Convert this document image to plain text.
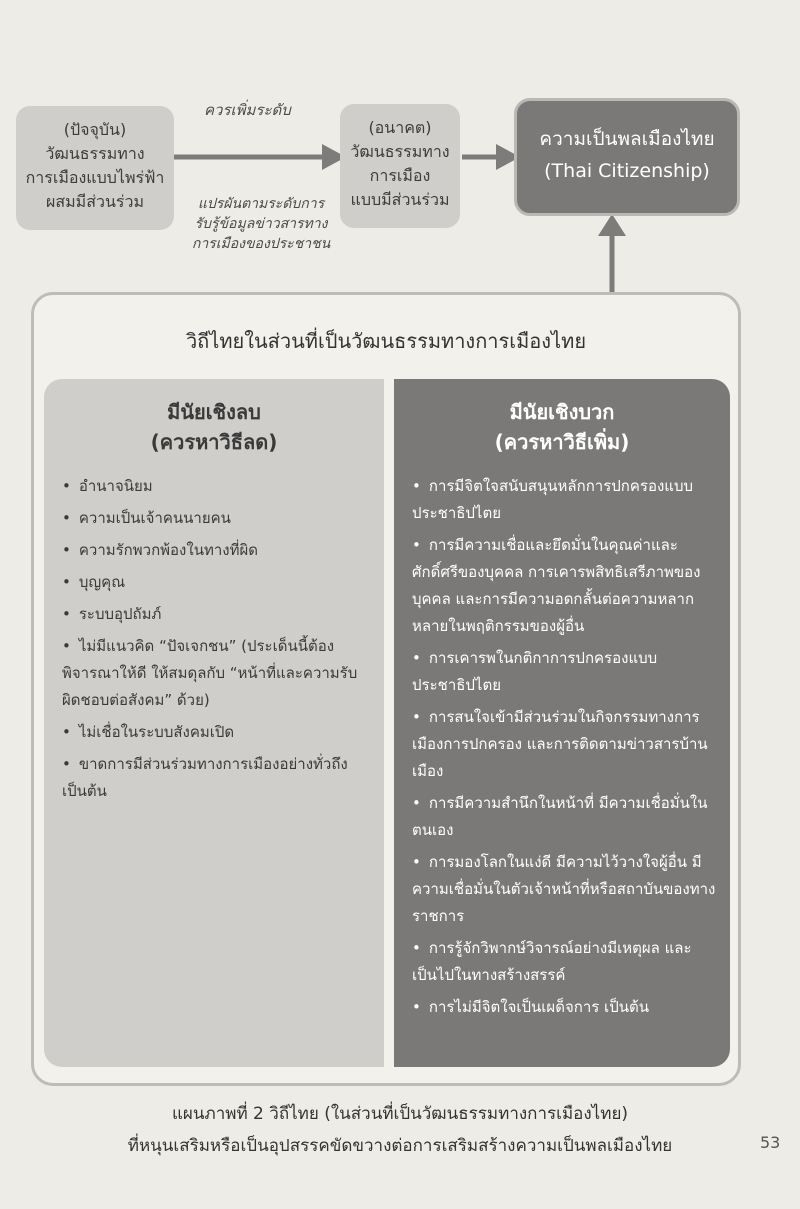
(ปัจจุบัน)
วัฒนธรรมทาง
การเมืองแบบไพร่ฟ้า
ผสมมีส่วนร่วม
ควรเพิ่มระดับ
แปรผันตามระดับการ
รับรู้ข้อมูลข่าวสารทาง
การเมืองของประชาชน
(อนาคต)
วัฒนธรรมทาง
การเมือง
แบบมีส่วนร่วม
ความเป็นพลเมืองไทย
(Thai Citizenship)
วิถีไทยในส่วนที่เป็นวัฒนธรรมทางการเมืองไทย
มีนัยเชิงลบ
(ควรหาวิธีลด)
• อำนาจนิยม
• ความเป็นเจ้าคนนายคน
• ความรักพวกพ้องในทางที่ผิด
• บุญคุณ
• ระบบอุปถัมภ์
• ไม่มีแนวคิด “ปัจเจกชน” (ประเด็นนี้ต้องพิจารณาให้ดี ให้สมดุลกับ “หน้าที่และความรับผิดชอบต่อสังคม” ด้วย)
• ไม่เชื่อในระบบสังคมเปิด
• ขาดการมีส่วนร่วมทางการเมืองอย่างทั่วถึง เป็นต้น
มีนัยเชิงบวก
(ควรหาวิธีเพิ่ม)
• การมีจิตใจสนับสนุนหลักการปกครองแบบประชาธิปไตย
• การมีความเชื่อและยึดมั่นในคุณค่าและศักดิ์ศรีของบุคคล การเคารพสิทธิเสรีภาพของบุคคล และการมีความอดกลั้นต่อความหลากหลายในพฤติกรรมของผู้อื่น
• การเคารพในกติกาการปกครองแบบประชาธิปไตย
• การสนใจเข้ามีส่วนร่วมในกิจกรรมทางการเมืองการปกครอง และการติดตามข่าวสารบ้านเมือง
• การมีความสำนึกในหน้าที่ มีความเชื่อมั่นในตนเอง
• การมองโลกในแง่ดี มีความไว้วางใจผู้อื่น มีความเชื่อมั่นในตัวเจ้าหน้าที่หรือสถาบันของทางราชการ
• การรู้จักวิพากษ์วิจารณ์อย่างมีเหตุผล และเป็นไปในทางสร้างสรรค์
• การไม่มีจิตใจเป็นเผด็จการ เป็นต้น
แผนภาพที่ 2 วิถีไทย (ในส่วนที่เป็นวัฒนธรรมทางการเมืองไทย)
ที่หนุนเสริมหรือเป็นอุปสรรคขัดขวางต่อการเสริมสร้างความเป็นพลเมืองไทย	53
